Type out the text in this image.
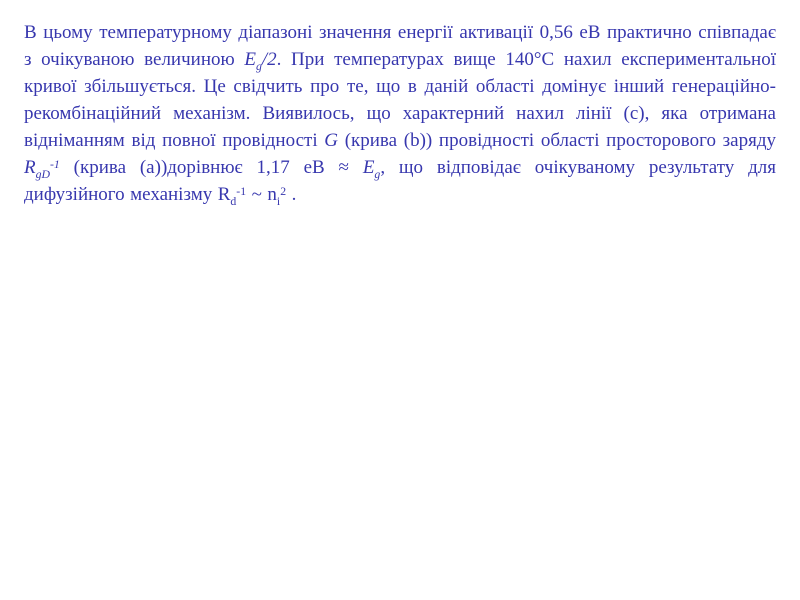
В цьому температурному діапазоні значення енергії активації 0,56 еВ практично співпадає з очікуваною величиною $E_g/2$. При температурах вище 140°C нахил експериментальної кривої збільшується. Це свідчить про те, що в даній області домінує інший генераційно-рекомбінаційний механізм. Виявилось, що характерний нахил лінії (c), яка отримана відніманням від повної провідності G (крива (b)) провідності області просторового заряду $R_{gD}^{-1}$ (крива (a))дорівнює 1,17 еВ ≈ $E_g$, що відповідає очікуваному результату для дифузійного механізму $R_d^{-1}$ ~ $n_i^2$ .
